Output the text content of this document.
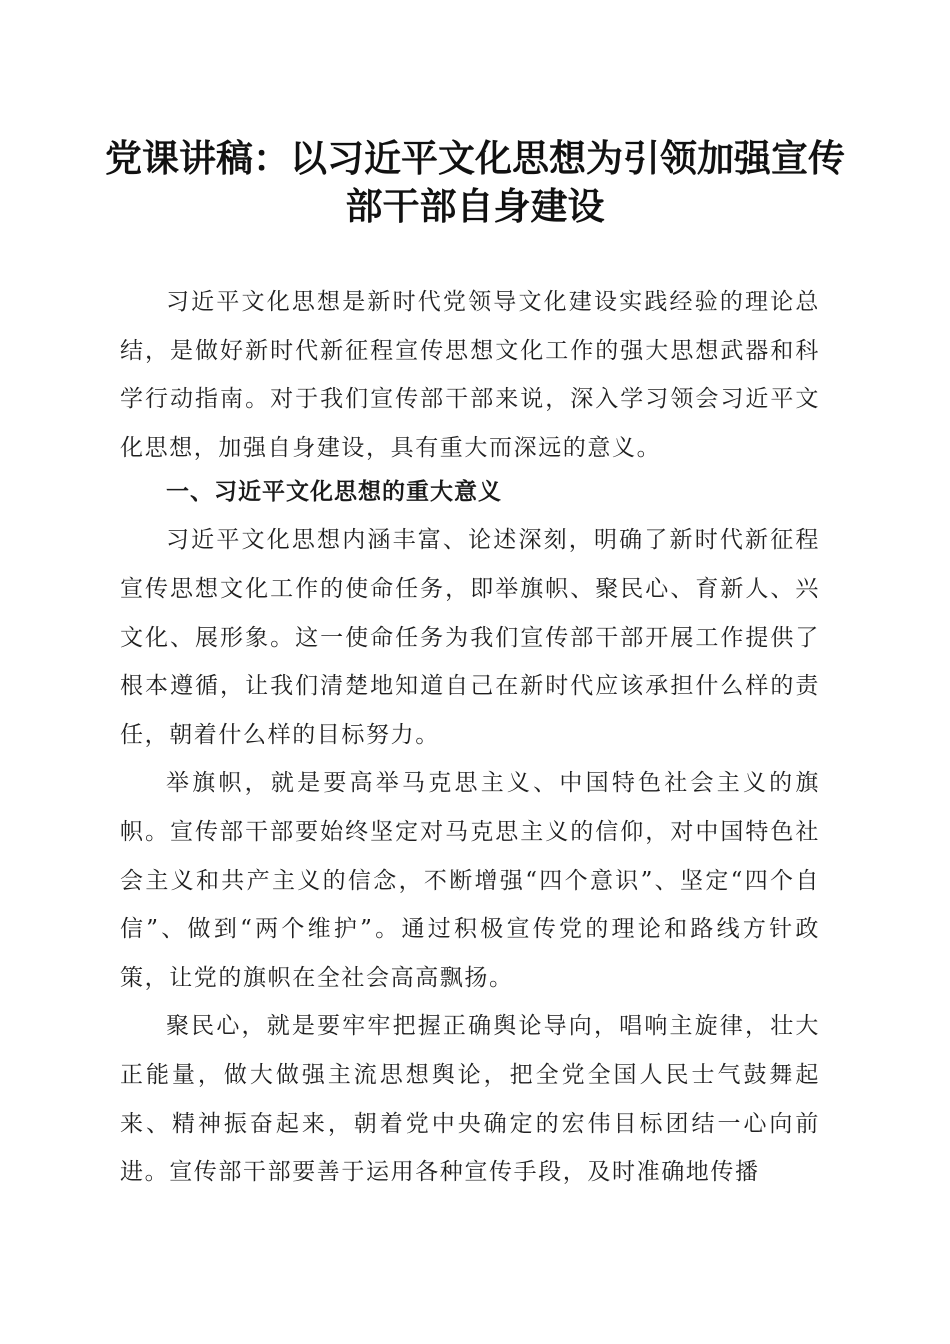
党课讲稿：以习近平文化思想为引领加强宣传
部干部自身建设

习近平文化思想是新时代党领导文化建设实践经验的理论总结，是做好新时代新征程宣传思想文化工作的强大思想武器和科学行动指南。对于我们宣传部干部来说，深入学习领会习近平文化思想，加强自身建设，具有重大而深远的意义。

一、习近平文化思想的重大意义

习近平文化思想内涵丰富、论述深刻，明确了新时代新征程宣传思想文化工作的使命任务，即举旗帜、聚民心、育新人、兴文化、展形象。这一使命任务为我们宣传部干部开展工作提供了根本遵循，让我们清楚地知道自己在新时代应该承担什么样的责任，朝着什么样的目标努力。

举旗帜，就是要高举马克思主义、中国特色社会主义的旗帜。宣传部干部要始终坚定对马克思主义的信仰，对中国特色社会主义和共产主义的信念，不断增强“四个意识”、坚定“四个自信”、做到“两个维护”。通过积极宣传党的理论和路线方针政策，让党的旗帜在全社会高高飘扬。

聚民心，就是要牢牢把握正确舆论导向，唱响主旋律，壮大正能量，做大做强主流思想舆论，把全党全国人民士气鼓舞起来、精神振奋起来，朝着党中央确定的宏伟目标团结一心向前进。宣传部干部要善于运用各种宣传手段，及时准确地传播
